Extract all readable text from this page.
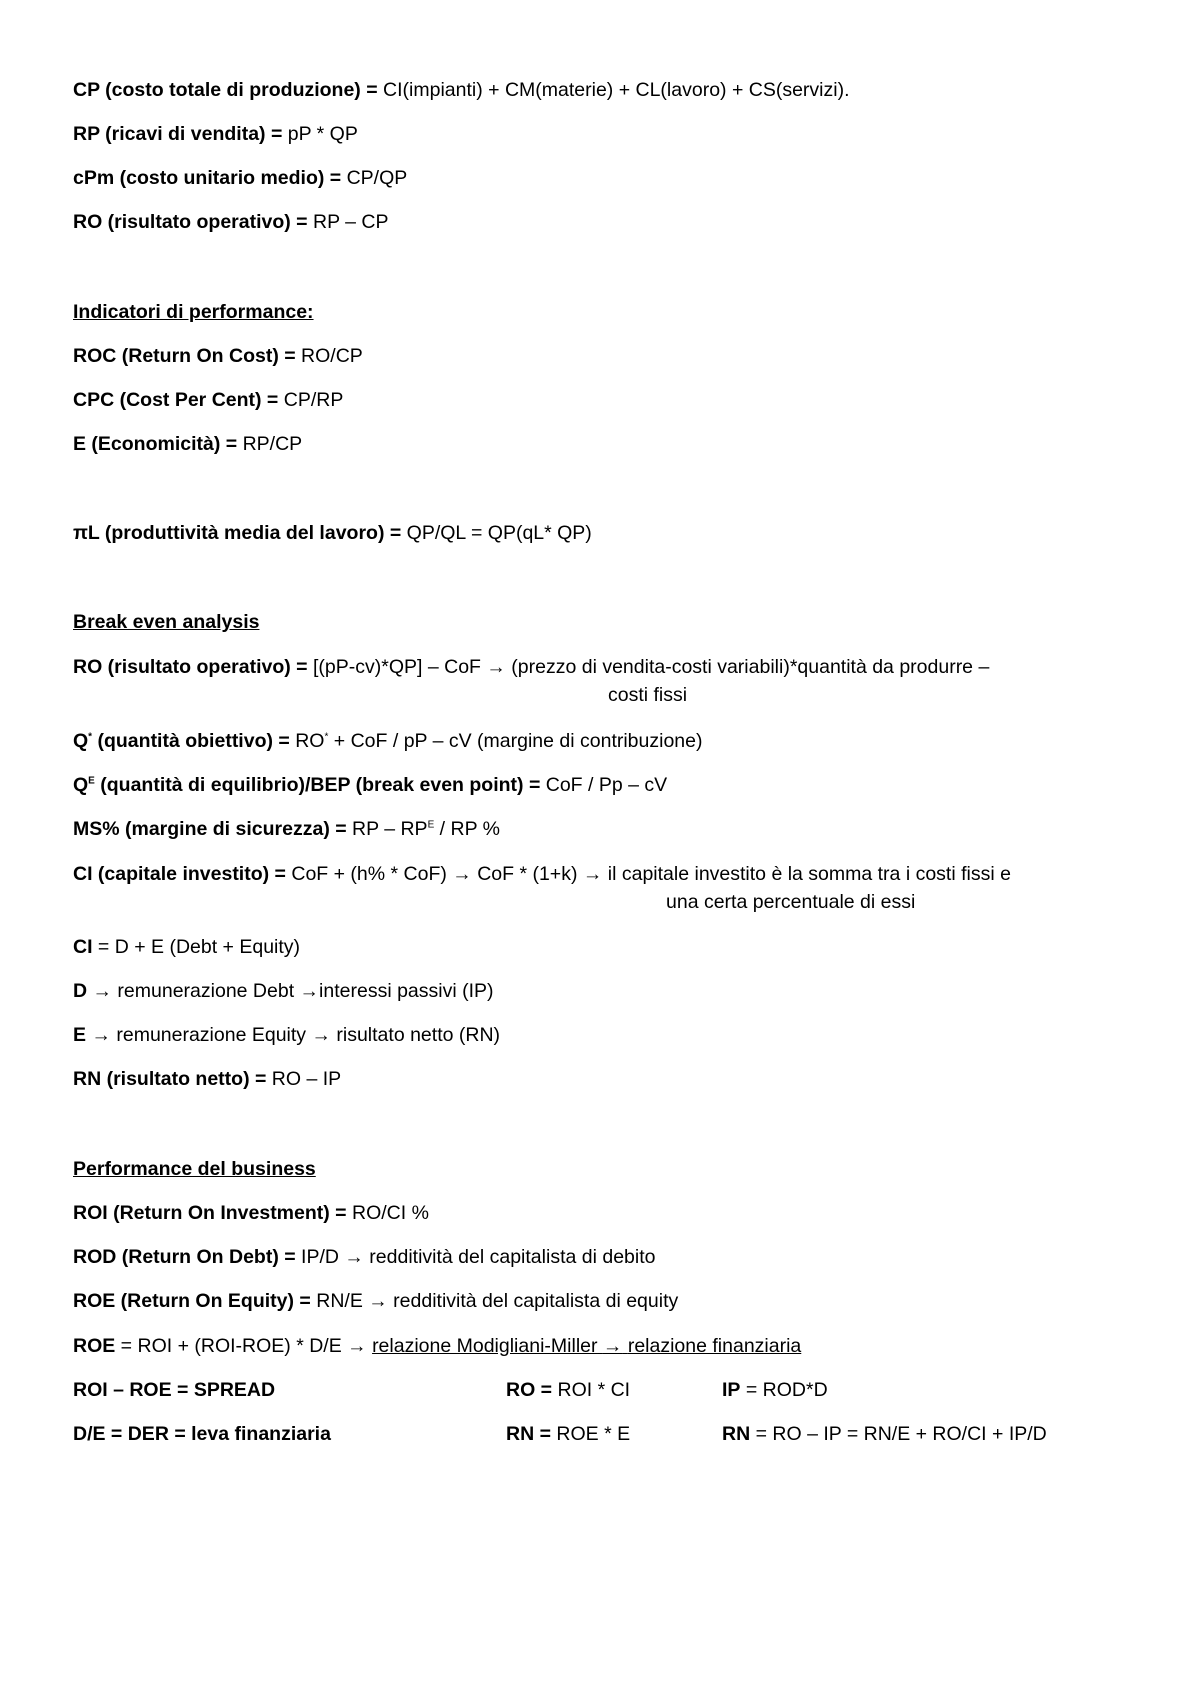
CP (costo totale di produzione) = CI(impianti) + CM(materie) + CL(lavoro) + CS(servizi).
RP (ricavi di vendita) = pP * QP
cPm (costo unitario medio) = CP/QP
RO (risultato operativo) = RP – CP
Indicatori di performance:
ROC (Return On Cost) = RO/CP
CPC (Cost Per Cent) = CP/RP
E (Economicità) = RP/CP
πL (produttività media del lavoro) = QP/QL = QP(qL* QP)
Break even analysis
RO (risultato operativo) = [(pP-cv)*QP] – CoF → (prezzo di vendita-costi variabili)*quantità da produrre –
costi fissi
Q* (quantità obiettivo) = RO* + CoF / pP – cV (margine di contribuzione)
$Q^E$ (quantità di equilibrio)/BEP (break even point) = CoF / Pp – cV
MS% (margine di sicurezza) = RP – $RP^E$ / RP %
CI (capitale investito) = CoF + (h% * CoF) → CoF * (1+k) → il capitale investito è la somma tra i costi fissi e
una certa percentuale di essi
CI = D + E (Debt + Equity)
D → remunerazione Debt →interessi passivi (IP)
E → remunerazione Equity → risultato netto (RN)
RN (risultato netto) = RO – IP
Performance del business
ROI (Return On Investment) = RO/CI %
ROD (Return On Debt) = IP/D → redditività del capitalista di debito
ROE (Return On Equity) = RN/E → redditività del capitalista di equity
ROE = ROI + (ROI-ROE) * D/E → relazione Modigliani-Miller → relazione finanziaria
ROI – ROE = SPREAD	RO = ROI * CI	IP = ROD*D
D/E = DER = leva finanziaria	RN = ROE * E	RN = RO – IP = RN/E + RO/CI + IP/D
